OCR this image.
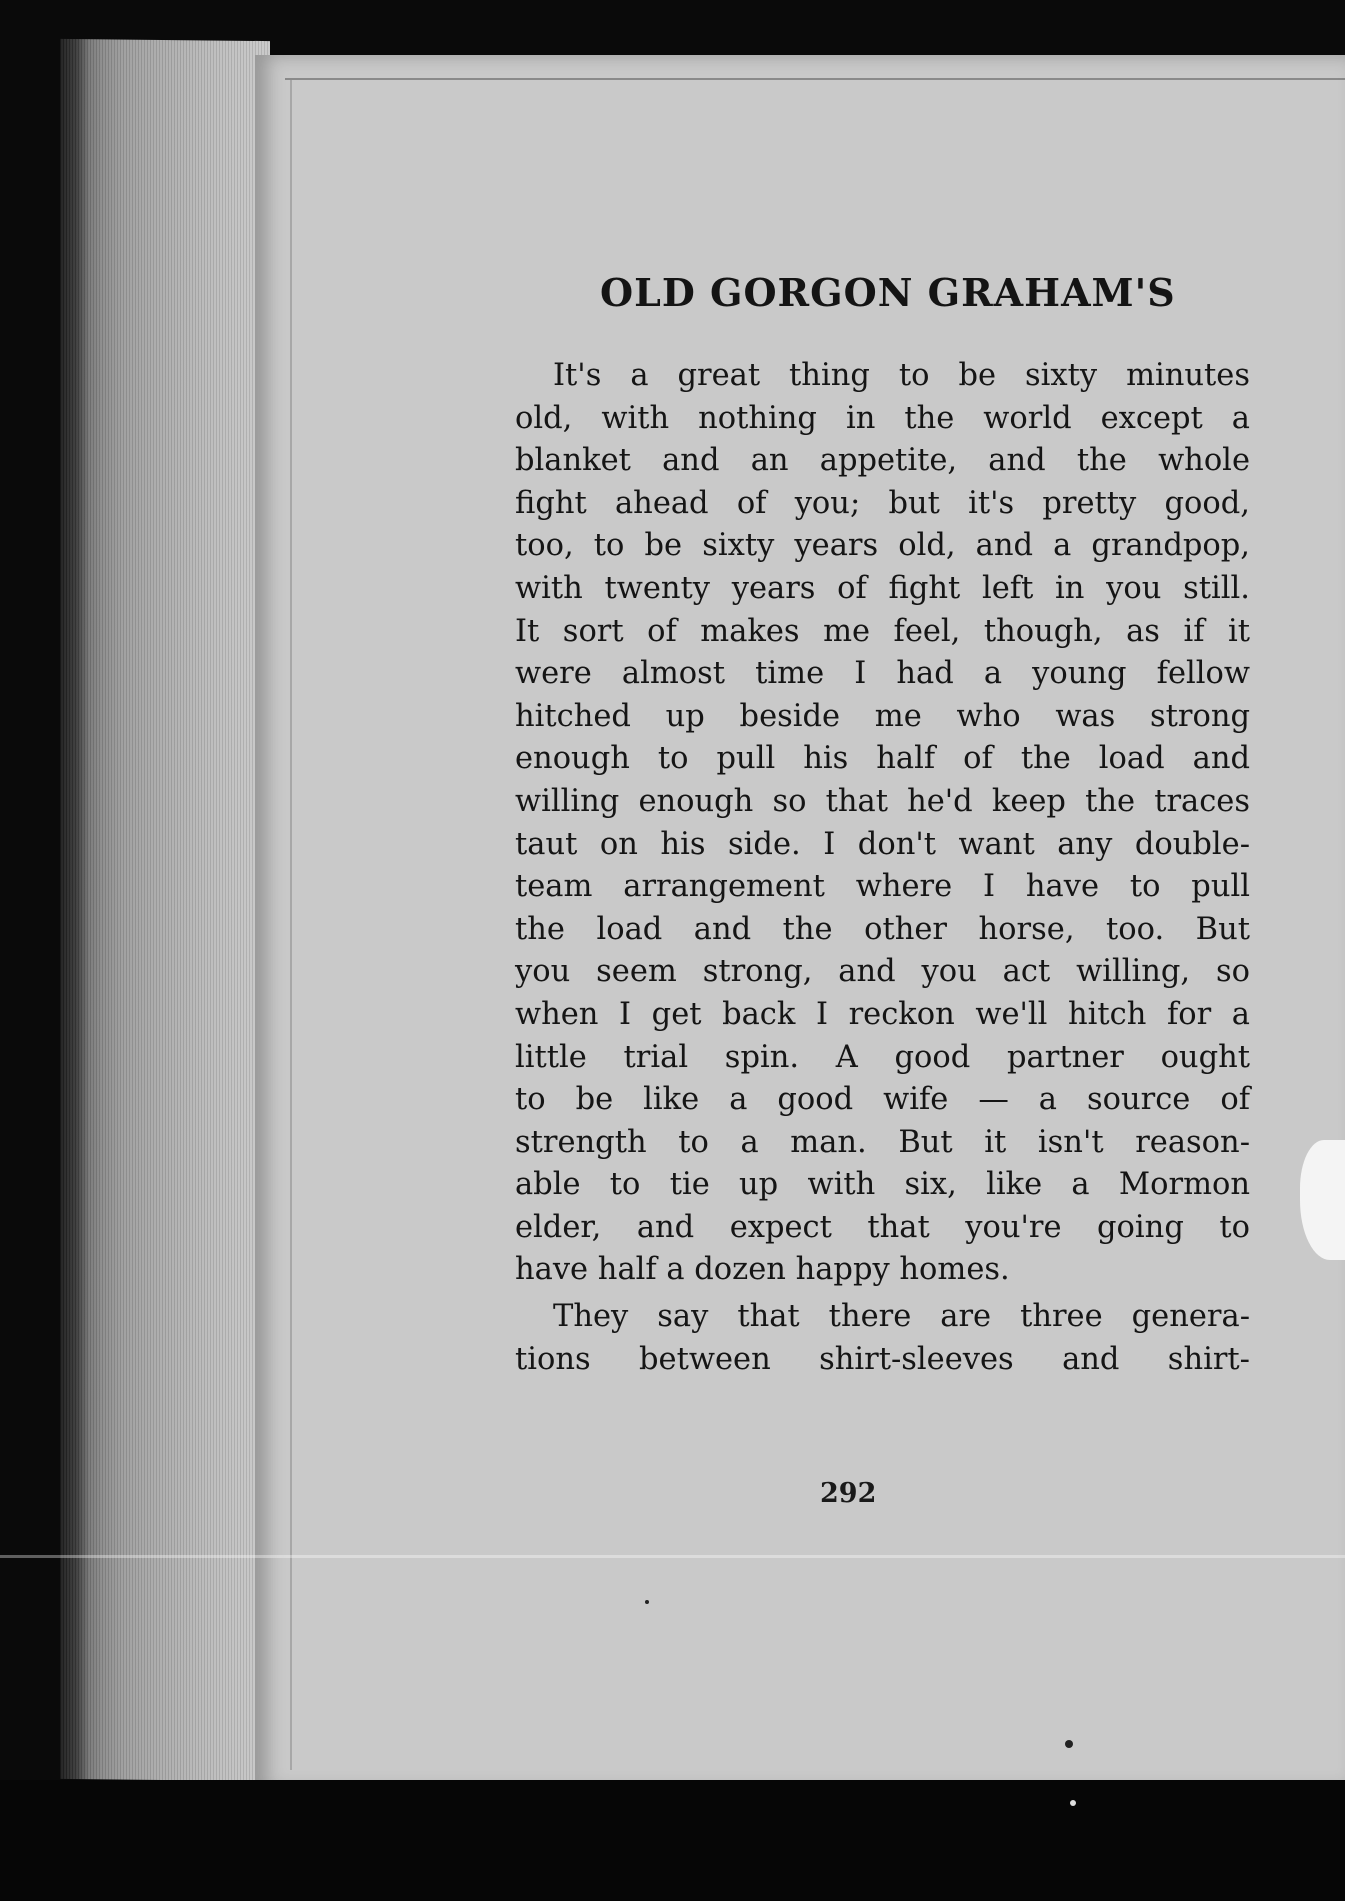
OLD GORGON GRAHAM'S
It's a great thing to be sixty minutes
old, with nothing in the world except a
blanket and an appetite, and the whole
fight ahead of you; but it's pretty good,
too, to be sixty years old, and a grandpop,
with twenty years of fight left in you still.
It sort of makes me feel, though, as if it
were almost time I had a young fellow
hitched up beside me who was strong
enough to pull his half of the load and
willing enough so that he'd keep the traces
taut on his side. I don't want any double-
team arrangement where I have to pull
the load and the other horse, too. But
you seem strong, and you act willing, so
when I get back I reckon we'll hitch for a
little trial spin. A good partner ought
to be like a good wife — a source of
strength to a man. But it isn't reason-
able to tie up with six, like a Mormon
elder, and expect that you're going to
have half a dozen happy homes.
They say that there are three genera-
tions between shirt-sleeves and shirt-
292
